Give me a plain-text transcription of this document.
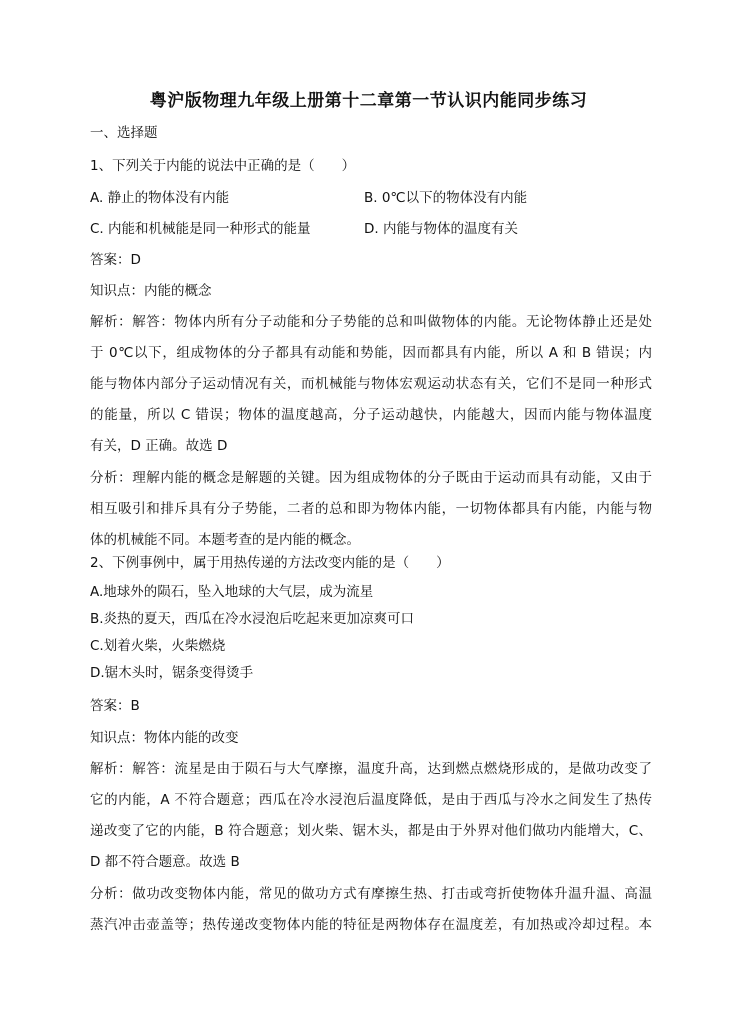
粤沪版物理九年级上册第十二章第一节认识内能同步练习
一、选择题
1、下列关于内能的说法中正确的是（　　）
A. 静止的物体没有内能	B. 0℃以下的物体没有内能
C. 内能和机械能是同一种形式的能量	D. 内能与物体的温度有关
答案：D
知识点：内能的概念
解析：解答：物体内所有分子动能和分子势能的总和叫做物体的内能。无论物体静止还是处
于 0℃以下，组成物体的分子都具有动能和势能，因而都具有内能，所以 A 和 B 错误；内
能与物体内部分子运动情况有关，而机械能与物体宏观运动状态有关，它们不是同一种形式
的能量，所以 C 错误；物体的温度越高，分子运动越快，内能越大，因而内能与物体温度
有关，D 正确。故选 D
分析：理解内能的概念是解题的关键。因为组成物体的分子既由于运动而具有动能，又由于
相互吸引和排斥具有分子势能，二者的总和即为物体内能，一切物体都具有内能，内能与物
体的机械能不同。本题考查的是内能的概念。
2、下例事例中，属于用热传递的方法改变内能的是（　　）
A.地球外的陨石，坠入地球的大气层，成为流星
B.炎热的夏天，西瓜在冷水浸泡后吃起来更加凉爽可口
C.划着火柴，火柴燃烧
D.锯木头时，锯条变得烫手
答案：B
知识点：物体内能的改变
解析：解答：流星是由于陨石与大气摩擦，温度升高，达到燃点燃烧形成的，是做功改变了
它的内能，A 不符合题意；西瓜在冷水浸泡后温度降低，是由于西瓜与冷水之间发生了热传
递改变了它的内能，B 符合题意；划火柴、锯木头，都是由于外界对他们做功内能增大，C、
D 都不符合题意。故选 B
分析：做功改变物体内能，常见的做功方式有摩擦生热、打击或弯折使物体升温升温、高温
蒸汽冲击壶盖等；热传递改变物体内能的特征是两物体存在温度差，有加热或冷却过程。本
